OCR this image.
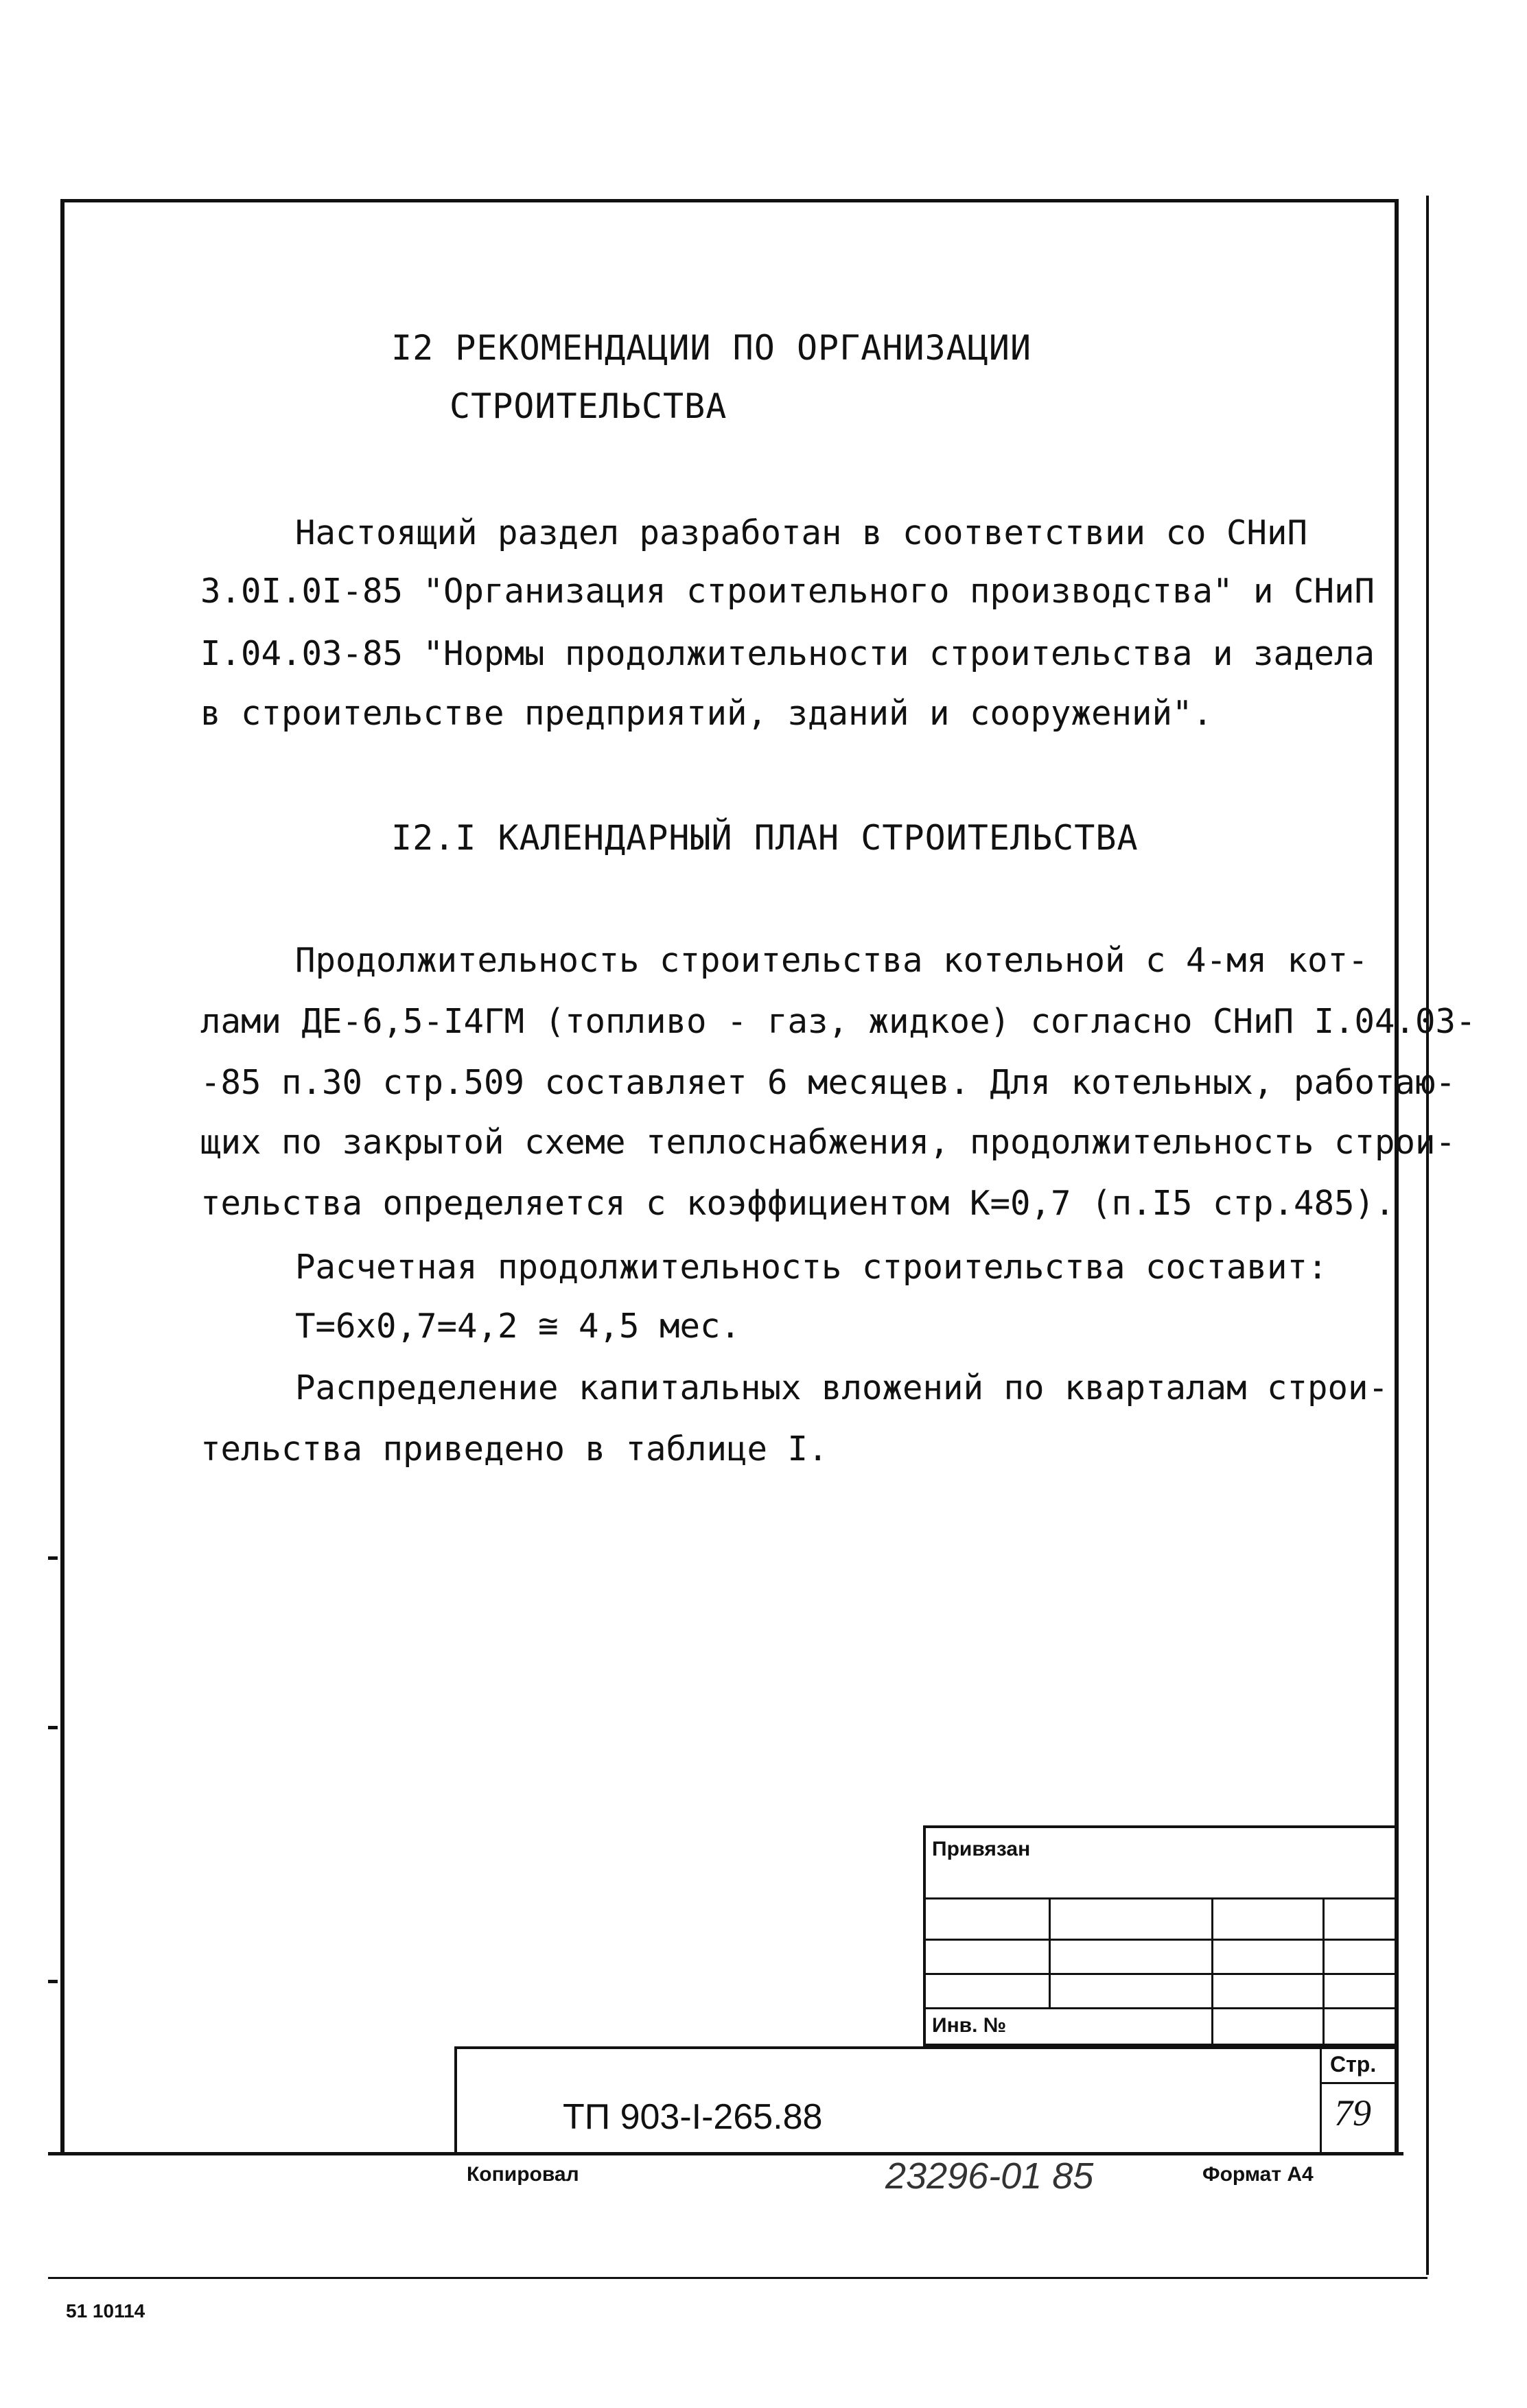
I2 РЕКОМЕНДАЦИИ ПО ОРГАНИЗАЦИИ
СТРОИТЕЛЬСТВА
Настоящий раздел разработан в соответствии со СНиП
3.0I.0I-85 "Организация строительного производства" и СНиП
I.04.03-85 "Нормы продолжительности строительства и задела
в строительстве предприятий, зданий и сооружений".
I2.I КАЛЕНДАРНЫЙ ПЛАН СТРОИТЕЛЬСТВА
Продолжительность строительства котельной с 4-мя кот-
лами ДЕ-6,5-I4ГМ (топливо - газ, жидкое) согласно СНиП I.04.03-
-85 п.30 стр.509 составляет 6 месяцев. Для котельных, работаю-
щих по закрытой схеме теплоснабжения, продолжительность строи-
тельства определяется с коэффициентом К=0,7 (п.I5 стр.485).
Расчетная продолжительность строительства составит:
Т=6х0,7=4,2 ≅ 4,5 мес.
Распределение капитальных вложений по кварталам строи-
тельства приведено в таблице I.
Привязан
Инв. №
Стр.
ТП 903-I-265.88	79
Копировал	23296-01 85	Формат А4
51 10114
